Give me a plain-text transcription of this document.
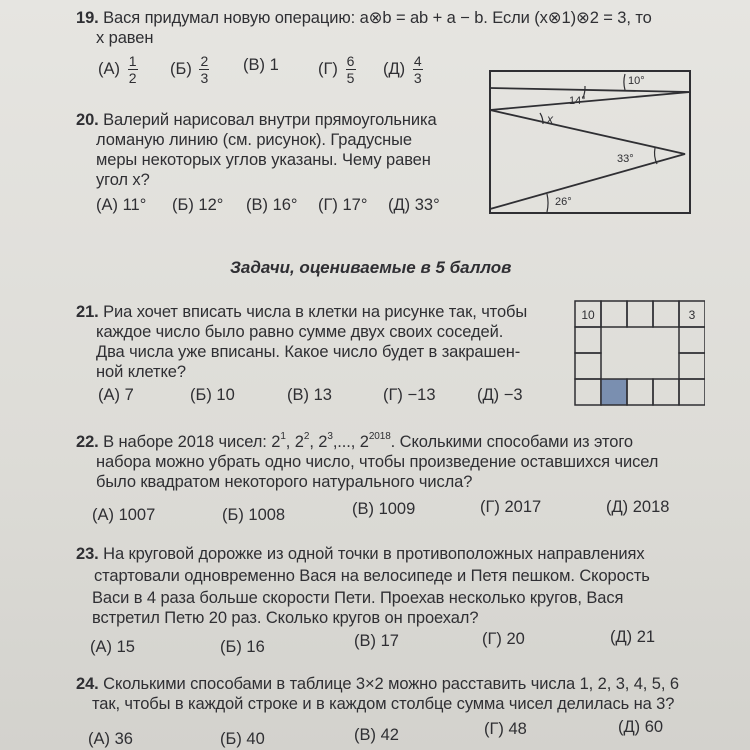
19. Вася придумал новую операцию: a⊗b = ab + a − b. Если (x⊗1)⊗2 = 3, то
x равен
$(А) \frac{1}{2} (Б) \frac{2}{3} (В)$ 1 $(Г) \frac{6}{5} (Д) \frac{4}{3}$
20. Валерий нарисовал внутри прямоугольника
ломаную линию (см. рисунок). Градусные
меры некоторых углов указаны. Чему равен
угол x?
(А) 11° (Б) 12° (В) 16° (Г) 17° (Д) 33°
10°
14°
x
33°
26°
Задачи, оцениваемые в 5 баллов
21. Риа хочет вписать числа в клетки на рисунке так, чтобы
каждое число было равно сумме двух своих соседей.
Два числа уже вписаны. Какое число будет в закрашен-
ной клетке?
(А) 7	(Б) 10	(В) 13	(Г) −13	(Д) −3
10	3
22. В наборе 2018 чисел: $2^1$, $2^2$, $2^3$,..., $2^{2018}$. Сколькими способами из этого
набора можно убрать одно число, чтобы произведение оставшихся чисел
было квадратом некоторого натурального числа?
(А) 1007	(Б) 1008	(В) 1009	(Г) 2017	(Д) 2018
23. На круговой дорожке из одной точки в противоположных направлениях
стартовали одновременно Вася на велосипеде и Петя пешком. Скорость
Васи в 4 раза больше скорости Пети. Проехав несколько кругов, Вася
встретил Петю 20 раз. Сколько кругов он проехал?
(А) 15	(Б) 16	(В) 17	(Г) 20	(Д) 21
24. Сколькими способами в таблице 3×2 можно расставить числа 1, 2, 3, 4, 5, 6
так, чтобы в каждой строке и в каждом столбце сумма чисел делилась на 3?
(А) 36	(Б) 40	(В) 42	(Г) 48	(Д) 60
